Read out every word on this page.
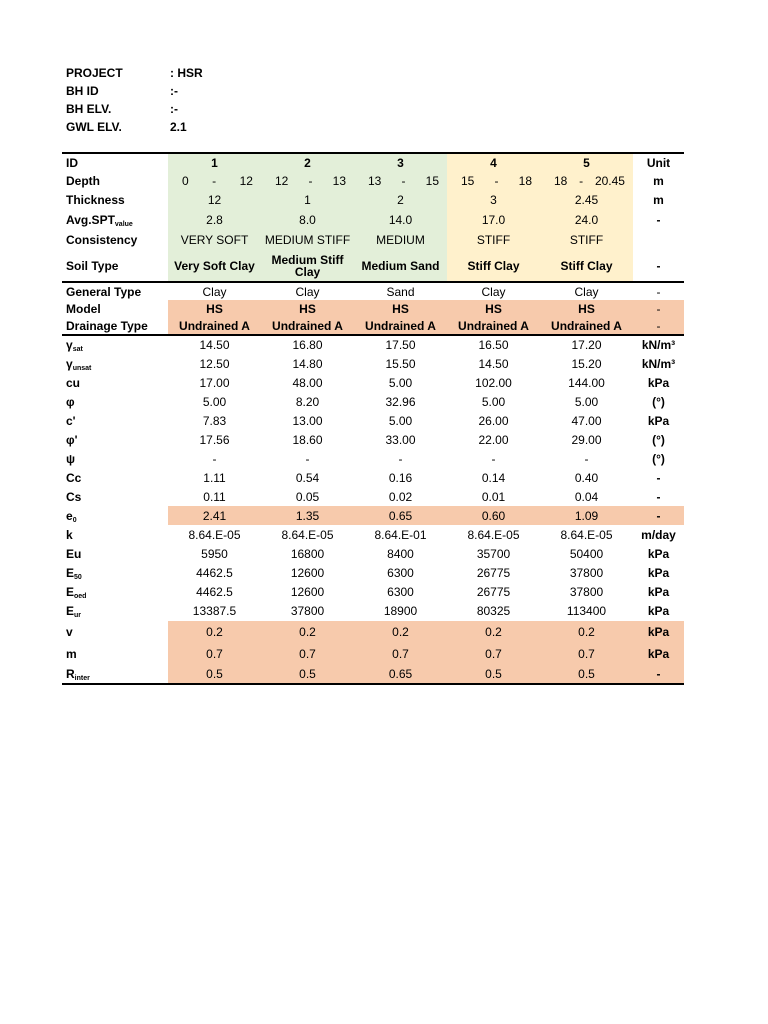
PROJECT	: HSR
BH ID	:-
BH ELV.	:-
GWL ELV.	2.1
ID	1	2	3	4	5	Unit
Depth	0 - 12	12 - 13	13 - 15	15 - 18	18 - 20.45	m
Thickness	12	1	2	3	2.45	m
$Avg.SPT_{value}$	2.8	8.0	14.0	17.0	24.0	-
Consistency	VERY SOFT	MEDIUM STIFF	MEDIUM	STIFF	STIFF	
Soil Type	Very Soft Clay	Medium Stiff Clay	Medium Sand	Stiff Clay	Stiff Clay	-
General Type	Clay	Clay	Sand	Clay	Clay	-
Model	HS	HS	HS	HS	HS	-
Drainage Type	Undrained A	Undrained A	Undrained A	Undrained A	Undrained A	-
$\gamma_{sat}$	14.50	16.80	17.50	16.50	17.20	kN/m³
$\gamma_{unsat}$	12.50	14.80	15.50	14.50	15.20	kN/m³
cu	17.00	48.00	5.00	102.00	144.00	kPa
φ	5.00	8.20	32.96	5.00	5.00	(°)
c'	7.83	13.00	5.00	26.00	47.00	kPa
φ'	17.56	18.60	33.00	22.00	29.00	(°)
ψ	-	-	-	-	-	(°)
Cc	1.11	0.54	0.16	0.14	0.40	-
Cs	0.11	0.05	0.02	0.01	0.04	-
$e_0$	2.41	1.35	0.65	0.60	1.09	-
k	8.64.E-05	8.64.E-05	8.64.E-01	8.64.E-05	8.64.E-05	m/day
Eu	5950	16800	8400	35700	50400	kPa
$E_{50}$	4462.5	12600	6300	26775	37800	kPa
$E_{oed}$	4462.5	12600	6300	26775	37800	kPa
$E_{ur}$	13387.5	37800	18900	80325	113400	kPa
v	0.2	0.2	0.2	0.2	0.2	kPa
m	0.7	0.7	0.7	0.7	0.7	kPa
$R_{inter}$	0.5	0.5	0.65	0.5	0.5	-
